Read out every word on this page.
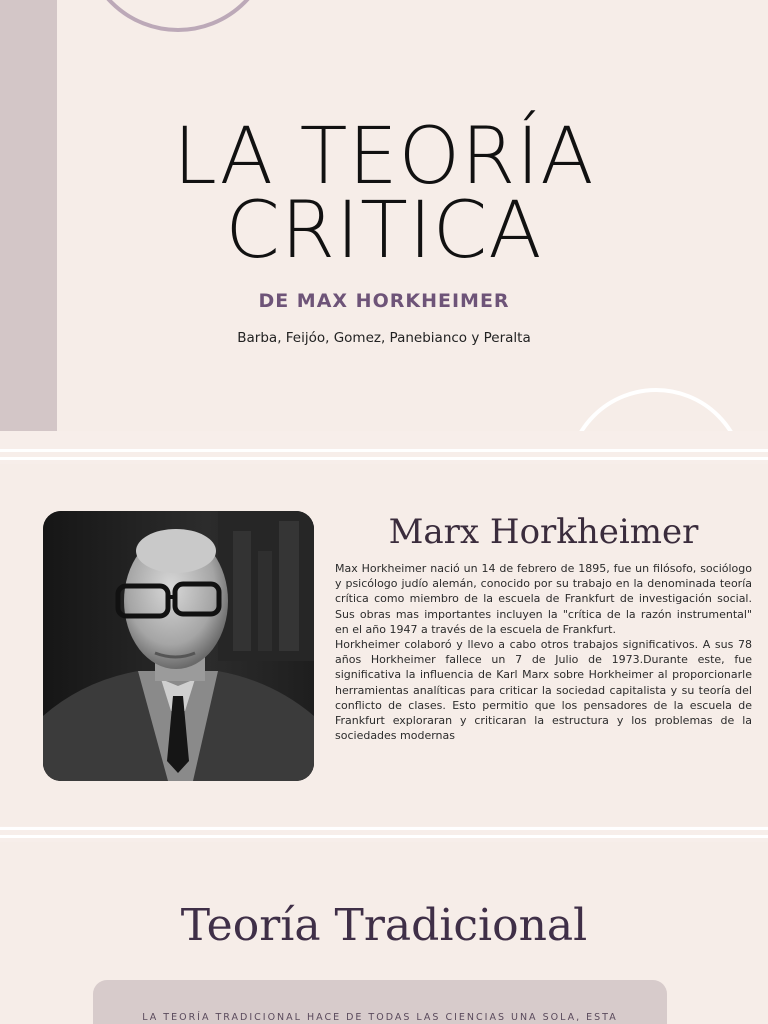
LA TEORÍA
CRITICA
DE MAX HORKHEIMER
Barba, Feijóo, Gomez, Panebianco y Peralta
Marx Horkheimer

Max Horkheimer nació un 14 de febrero de 1895, fue un filósofo, sociólogo y psicólogo judío alemán, conocido por su trabajo en la denominada teoría crítica como miembro de la escuela de Frankfurt de investigación social. Sus obras mas importantes incluyen la "crítica de la razón instrumental" en el año 1947 a través de la escuela de Frankfurt.

Horkheimer colaboró y llevo a cabo otros trabajos significativos. A sus 78 años Horkheimer fallece un 7 de Julio de 1973.Durante este, fue significativa la influencia de Karl Marx sobre Horkheimer al proporcionarle herramientas analíticas para criticar la sociedad capitalista y su teoría del conflicto de clases. Esto permitio que los pensadores de la escuela de Frankfurt exploraran y criticaran la estructura y los problemas de la sociedades modernas

Teoría Tradicional
LA TEORÍA TRADICIONAL HACE DE TODAS LAS CIENCIAS UNA SOLA, ESTA
